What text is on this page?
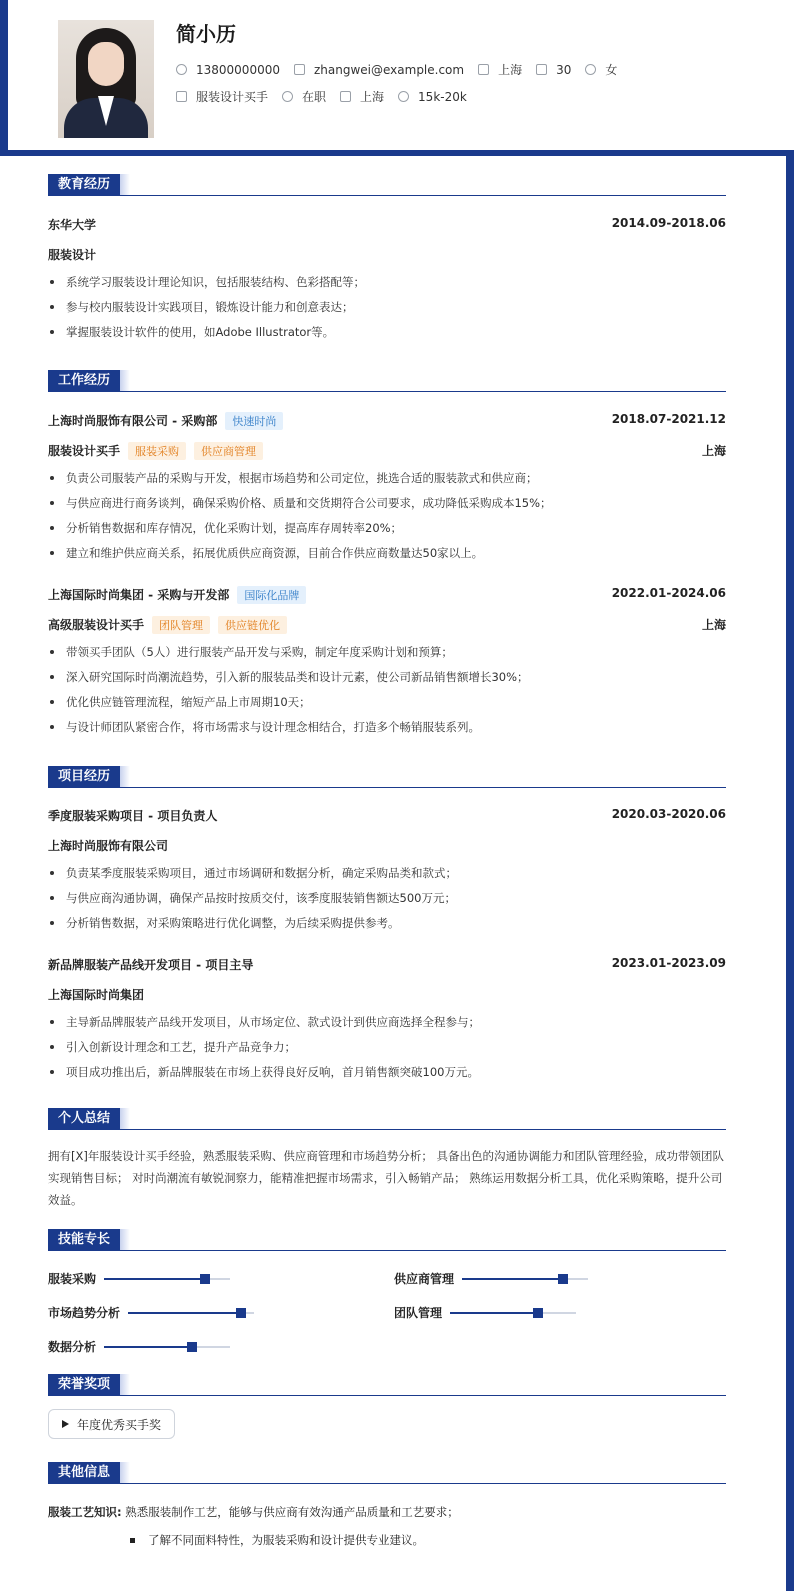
简小历
13800000000	zhangwei@example.com	上海	30	女
服装设计买手	在职	上海	15k-20k
教育经历
东华大学	2014.09-2018.06
服装设计
系统学习服装设计理论知识，包括服装结构、色彩搭配等；
参与校内服装设计实践项目，锻炼设计能力和创意表达；
掌握服装设计软件的使用，如Adobe Illustrator等。
工作经历
上海时尚服饰有限公司 - 采购部 快速时尚	2018.07-2021.12
服装设计买手 服装采购 供应商管理	上海
负责公司服装产品的采购与开发，根据市场趋势和公司定位，挑选合适的服装款式和供应商；
与供应商进行商务谈判，确保采购价格、质量和交货期符合公司要求，成功降低采购成本15%；
分析销售数据和库存情况，优化采购计划，提高库存周转率20%；
建立和维护供应商关系，拓展优质供应商资源，目前合作供应商数量达50家以上。
上海国际时尚集团 - 采购与开发部 国际化品牌	2022.01-2024.06
高级服装设计买手 团队管理 供应链优化	上海
带领买手团队（5人）进行服装产品开发与采购，制定年度采购计划和预算；
深入研究国际时尚潮流趋势，引入新的服装品类和设计元素，使公司新品销售额增长30%；
优化供应链管理流程，缩短产品上市周期10天；
与设计师团队紧密合作，将市场需求与设计理念相结合，打造多个畅销服装系列。
项目经历
季度服装采购项目 - 项目负责人	2020.03-2020.06
上海时尚服饰有限公司
负责某季度服装采购项目，通过市场调研和数据分析，确定采购品类和款式；
与供应商沟通协调，确保产品按时按质交付，该季度服装销售额达500万元；
分析销售数据，对采购策略进行优化调整，为后续采购提供参考。
新品牌服装产品线开发项目 - 项目主导	2023.01-2023.09
上海国际时尚集团
主导新品牌服装产品线开发项目，从市场定位、款式设计到供应商选择全程参与；
引入创新设计理念和工艺，提升产品竞争力；
项目成功推出后，新品牌服装在市场上获得良好反响，首月销售额突破100万元。
个人总结
拥有[X]年服装设计买手经验，熟悉服装采购、供应商管理和市场趋势分析； 具备出色的沟通协调能力和团队管理经验，成功带领团队实现销售目标； 对时尚潮流有敏锐洞察力，能精准把握市场需求，引入畅销产品； 熟练运用数据分析工具，优化采购策略，提升公司效益。
技能专长
服装采购	供应商管理
市场趋势分析	团队管理
数据分析
荣誉奖项
年度优秀买手奖
其他信息
服装工艺知识: 熟悉服装制作工艺，能够与供应商有效沟通产品质量和工艺要求；
了解不同面料特性，为服装采购和设计提供专业建议。
